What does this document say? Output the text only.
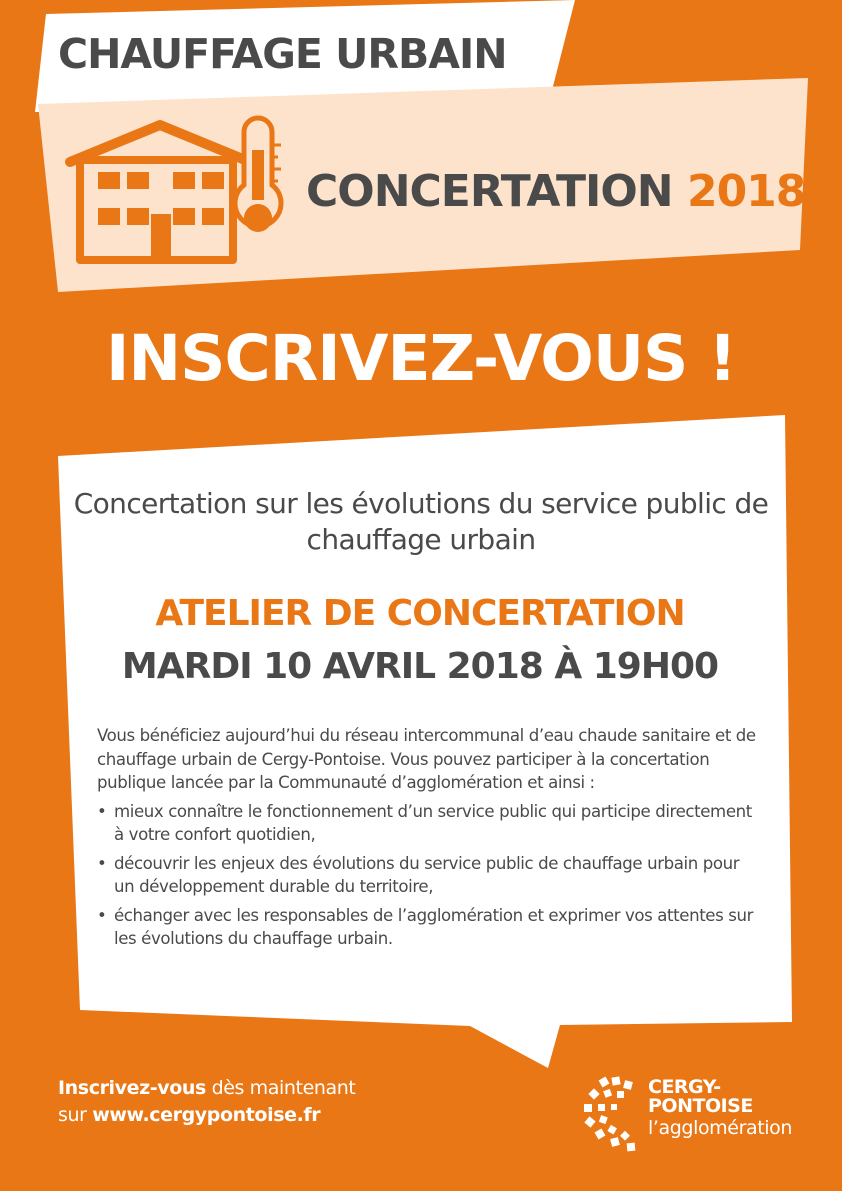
CHAUFFAGE URBAIN
CONCERTATION 2018
INSCRIVEZ-VOUS !
Concertation sur les évolutions du service public de chauffage urbain
ATELIER DE CONCERTATION
MARDI 10 AVRIL 2018 À 19H00
Vous bénéficiez aujourd’hui du réseau intercommunal d’eau chaude sanitaire et de chauffage urbain de Cergy-Pontoise. Vous pouvez participer à la concertation publique lancée par la Communauté d’agglomération et ainsi :
• mieux connaître le fonctionnement d’un service public qui participe directement à votre confort quotidien,
• découvrir les enjeux des évolutions du service public de chauffage urbain pour un développement durable du territoire,
• échanger avec les responsables de l’agglomération et exprimer vos attentes sur les évolutions du chauffage urbain.
Inscrivez-vous dès maintenant
sur www.cergypontoise.fr
CERGY-
PONTOISE
l’agglomération
